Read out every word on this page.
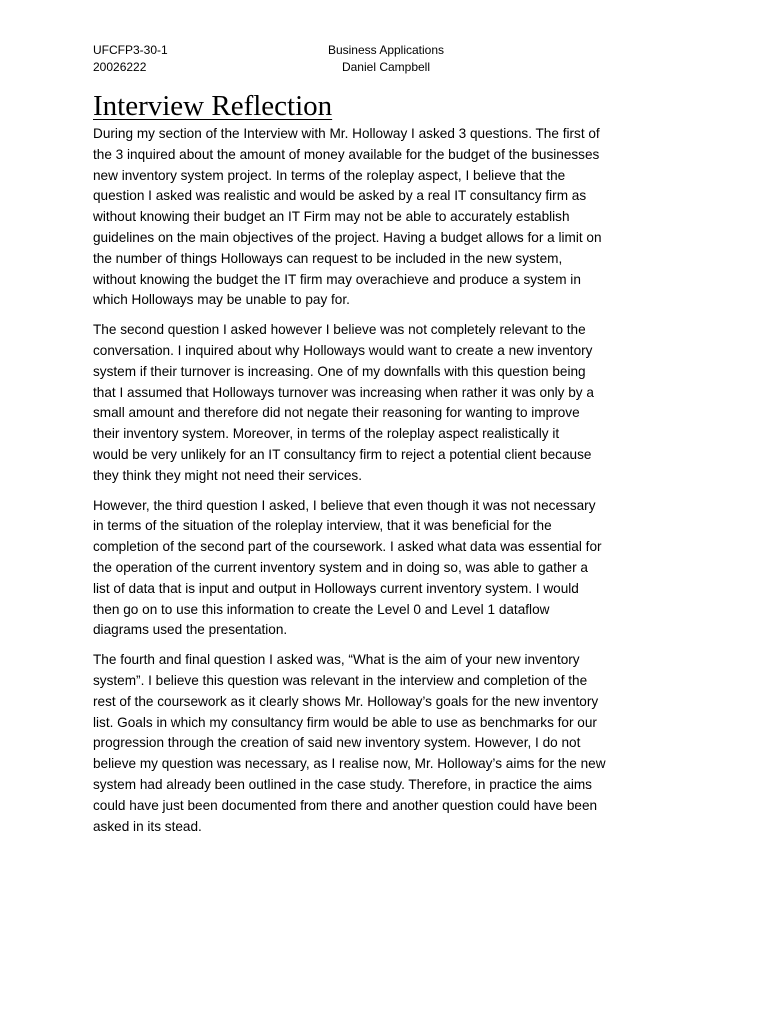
UFCFP3-30-1
20026222
Business Applications
Daniel Campbell
Interview Reflection

During my section of the Interview with Mr. Holloway I asked 3 questions. The first of
the 3 inquired about the amount of money available for the budget of the businesses
new inventory system project. In terms of the roleplay aspect, I believe that the
question I asked was realistic and would be asked by a real IT consultancy firm as
without knowing their budget an IT Firm may not be able to accurately establish
guidelines on the main objectives of the project. Having a budget allows for a limit on
the number of things Holloways can request to be included in the new system,
without knowing the budget the IT firm may overachieve and produce a system in
which Holloways may be unable to pay for.

The second question I asked however I believe was not completely relevant to the
conversation. I inquired about why Holloways would want to create a new inventory
system if their turnover is increasing. One of my downfalls with this question being
that I assumed that Holloways turnover was increasing when rather it was only by a
small amount and therefore did not negate their reasoning for wanting to improve
their inventory system. Moreover, in terms of the roleplay aspect realistically it
would be very unlikely for an IT consultancy firm to reject a potential client because
they think they might not need their services.

However, the third question I asked, I believe that even though it was not necessary
in terms of the situation of the roleplay interview, that it was beneficial for the
completion of the second part of the coursework. I asked what data was essential for
the operation of the current inventory system and in doing so, was able to gather a
list of data that is input and output in Holloways current inventory system. I would
then go on to use this information to create the Level 0 and Level 1 dataflow
diagrams used the presentation.

The fourth and final question I asked was, “What is the aim of your new inventory
system”. I believe this question was relevant in the interview and completion of the
rest of the coursework as it clearly shows Mr. Holloway’s goals for the new inventory
list. Goals in which my consultancy firm would be able to use as benchmarks for our
progression through the creation of said new inventory system. However, I do not
believe my question was necessary, as I realise now, Mr. Holloway’s aims for the new
system had already been outlined in the case study. Therefore, in practice the aims
could have just been documented from there and another question could have been
asked in its stead.
